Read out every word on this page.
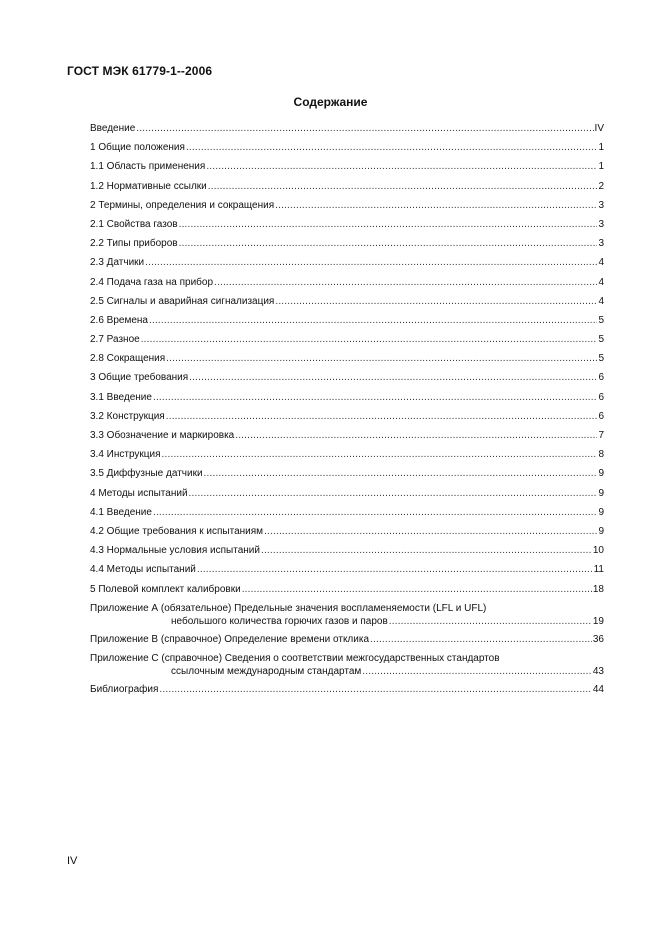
ГОСТ МЭК 61779-1--2006
Содержание
Введение .....	IV
1 Общие положения .....	1
1.1 Область применения .....	1
1.2 Нормативные ссылки .....	2
2 Термины, определения и сокращения .....	3
2.1 Свойства газов .....	3
2.2 Типы приборов .....	3
2.3 Датчики .....	4
2.4 Подача газа на прибор .....	4
2.5 Сигналы и аварийная сигнализация .....	4
2.6 Времена .....	5
2.7 Разное .....	5
2.8 Сокращения .....	5
3 Общие требования .....	6
3.1 Введение .....	6
3.2 Конструкция .....	6
3.3 Обозначение и маркировка .....	7
3.4 Инструкция .....	8
3.5 Диффузные датчики .....	9
4 Методы испытаний .....	9
4.1 Введение .....	9
4.2 Общие требования к испытаниям .....	9
4.3 Нормальные условия испытаний .....	10
4.4 Методы испытаний .....	11
5 Полевой комплект калибровки .....	18
Приложение А (обязательное) Предельные значения воспламеняемости (LFL и UFL)
небольшого количества горючих газов и паров .....	19
Приложение В (справочное) Определение времени отклика .....	36
Приложение С (справочное) Сведения о соответствии межгосударственных стандартов
ссылочным международным стандартам .....	43
Библиография .....	44
IV
